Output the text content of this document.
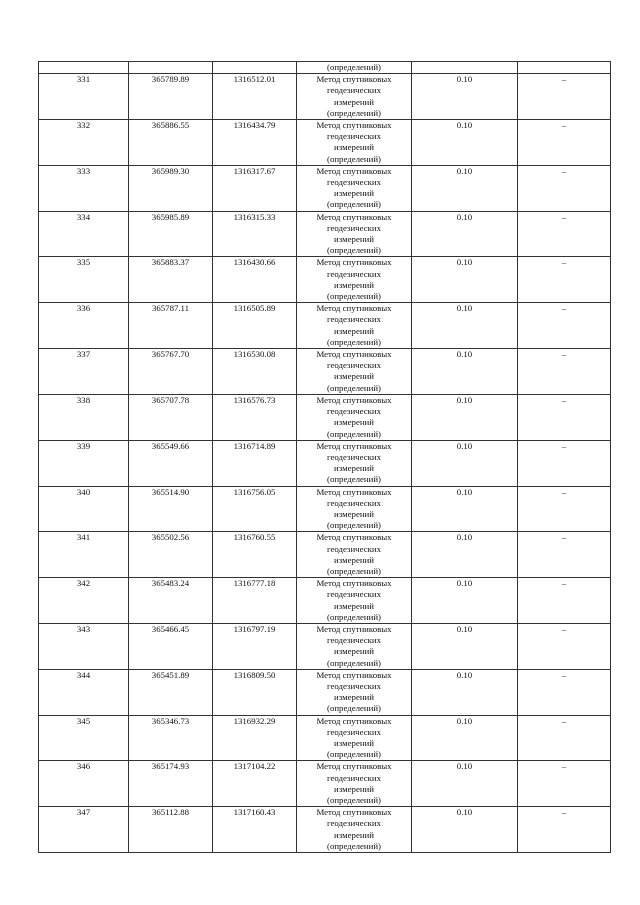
			(определений)		
331	365789.89	1316512.01	Метод спутниковых
геодезических
измерений
(определений)	0.10	–
332	365886.55	1316434.79	Метод спутниковых
геодезических
измерений
(определений)	0.10	–
333	365989.30	1316317.67	Метод спутниковых
геодезических
измерений
(определений)	0.10	–
334	365985.89	1316315.33	Метод спутниковых
геодезических
измерений
(определений)	0.10	–
335	365883.37	1316430.66	Метод спутниковых
геодезических
измерений
(определений)	0.10	–
336	365787.11	1316505.89	Метод спутниковых
геодезических
измерений
(определений)	0.10	–
337	365767.70	1316530.08	Метод спутниковых
геодезических
измерений
(определений)	0.10	–
338	365707.78	1316576.73	Метод спутниковых
геодезических
измерений
(определений)	0.10	–
339	365549.66	1316714.89	Метод спутниковых
геодезических
измерений
(определений)	0.10	–
340	365514.90	1316756.05	Метод спутниковых
геодезических
измерений
(определений)	0.10	–
341	365502.56	1316760.55	Метод спутниковых
геодезических
измерений
(определений)	0.10	–
342	365483.24	1316777.18	Метод спутниковых
геодезических
измерений
(определений)	0.10	–
343	365466.45	1316797.19	Метод спутниковых
геодезических
измерений
(определений)	0.10	–
344	365451.89	1316809.50	Метод спутниковых
геодезических
измерений
(определений)	0.10	–
345	365346.73	1316932.29	Метод спутниковых
геодезических
измерений
(определений)	0.10	–
346	365174.93	1317104.22	Метод спутниковых
геодезических
измерений
(определений)	0.10	–
347	365112.88	1317160.43	Метод спутниковых
геодезических
измерений
(определений)	0.10	–
